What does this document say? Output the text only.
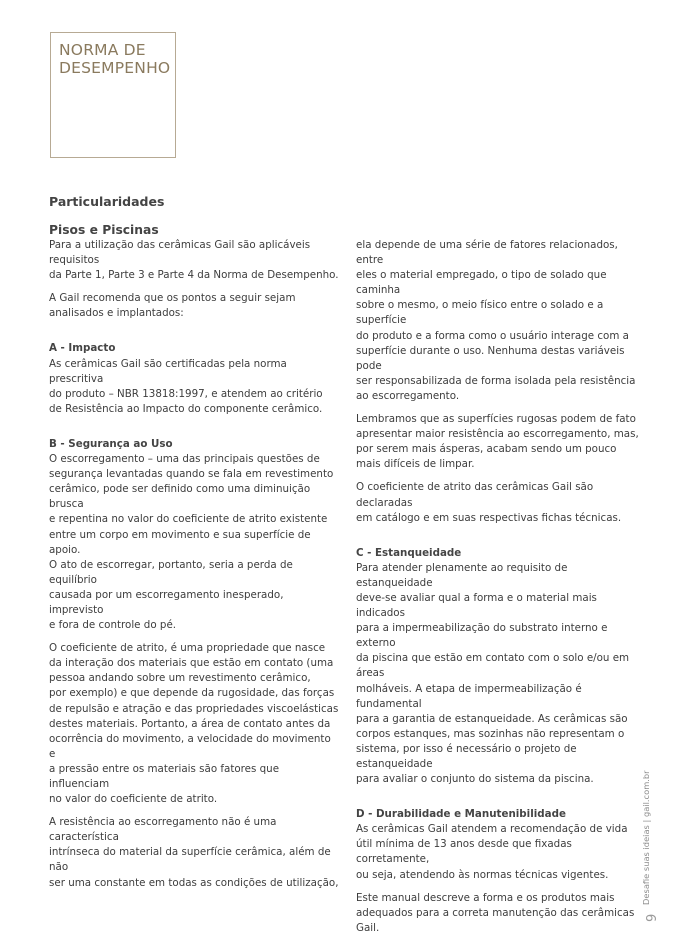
NORMA DE
DESEMPENHO
Particularidades

Pisos e Piscinas

Para a utilização das cerâmicas Gail são aplicáveis requisitos
da Parte 1, Parte 3 e Parte 4 da Norma de Desempenho.

A Gail recomenda que os pontos a seguir sejam
analisados e implantados:

A - Impacto

As cerâmicas Gail são certificadas pela norma prescritiva
do produto – NBR 13818:1997, e atendem ao critério
de Resistência ao Impacto do componente cerâmico.

B - Segurança ao Uso

O escorregamento – uma das principais questões de
segurança levantadas quando se fala em revestimento
cerâmico, pode ser definido como uma diminuição brusca
e repentina no valor do coeficiente de atrito existente
entre um corpo em movimento e sua superfície de apoio.
O ato de escorregar, portanto, seria a perda de equilíbrio
causada por um escorregamento inesperado, imprevisto
e fora de controle do pé.

O coeficiente de atrito, é uma propriedade que nasce
da interação dos materiais que estão em contato (uma
pessoa andando sobre um revestimento cerâmico,
por exemplo) e que depende da rugosidade, das forças
de repulsão e atração e das propriedades viscoelásticas
destes materiais. Portanto, a área de contato antes da
ocorrência do movimento, a velocidade do movimento e
a pressão entre os materiais são fatores que influenciam
no valor do coeficiente de atrito.

A resistência ao escorregamento não é uma característica
intrínseca do material da superfície cerâmica, além de não
ser uma constante em todas as condições de utilização,

ela depende de uma série de fatores relacionados, entre
eles o material empregado, o tipo de solado que caminha
sobre o mesmo, o meio físico entre o solado e a superfície
do produto e a forma como o usuário interage com a
superfície durante o uso. Nenhuma destas variáveis pode
ser responsabilizada de forma isolada pela resistência
ao escorregamento.

Lembramos que as superfícies rugosas podem de fato
apresentar maior resistência ao escorregamento, mas,
por serem mais ásperas, acabam sendo um pouco
mais difíceis de limpar.

O coeficiente de atrito das cerâmicas Gail são declaradas
em catálogo e em suas respectivas fichas técnicas.

C - Estanqueidade

Para atender plenamente ao requisito de estanqueidade
deve-se avaliar qual a forma e o material mais indicados
para a impermeabilização do substrato interno e externo
da piscina que estão em contato com o solo e/ou em áreas
molháveis. A etapa de impermeabilização é fundamental
para a garantia de estanqueidade. As cerâmicas são
corpos estanques, mas sozinhas não representam o
sistema, por isso é necessário o projeto de estanqueidade
para avaliar o conjunto do sistema da piscina.

D - Durabilidade e Manutenibilidade

As cerâmicas Gail atendem a recomendação de vida
útil mínima de 13 anos desde que fixadas corretamente,
ou seja, atendendo às normas técnicas vigentes.

Este manual descreve a forma e os produtos mais
adequados para a correta manutenção das cerâmicas Gail.

Desafie suas ideias | gail.com.br
9
